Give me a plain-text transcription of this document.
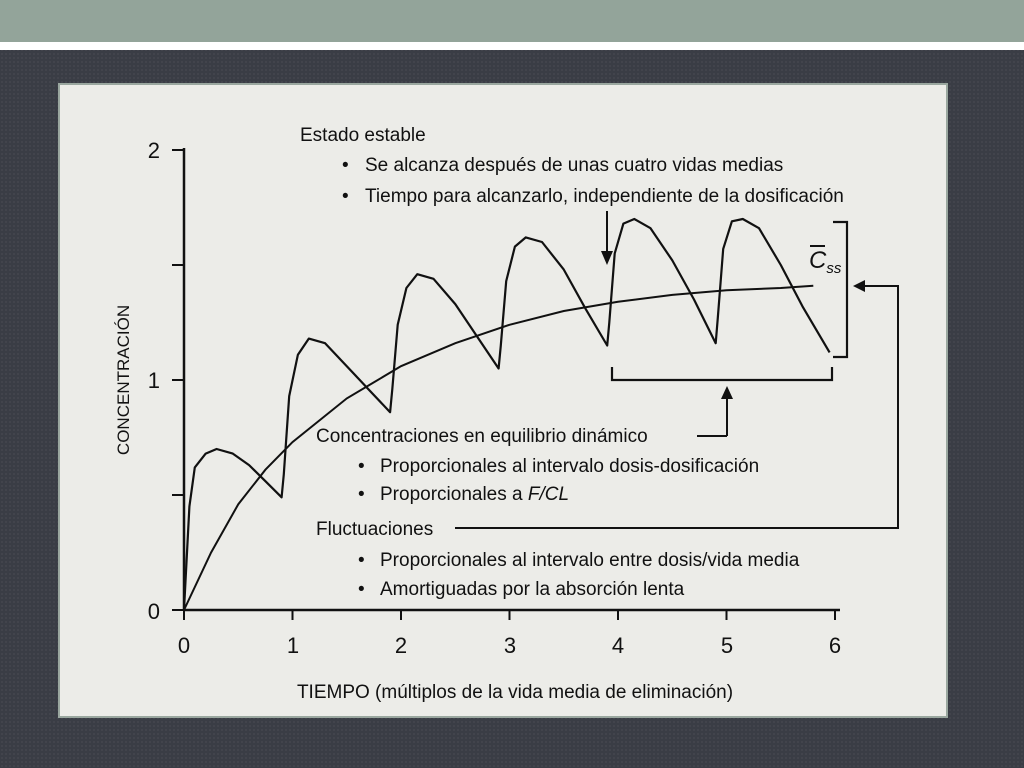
0
1
2
0	1	2	3	4	5	6
TIEMPO (múltiplos de la vida media de eliminación)
CONCENTRACIÓN
$C_{ss}$
Estado estable
• Se alcanza después de unas cuatro vidas medias
• Tiempo para alcanzarlo, independiente de la dosificación
Concentraciones en equilibrio dinámico
• Proporcionales al intervalo dosis-dosificación
• Proporcionales a F/CL
Fluctuaciones
• Proporcionales al intervalo entre dosis/vida media
• Amortiguadas por la absorción lenta
